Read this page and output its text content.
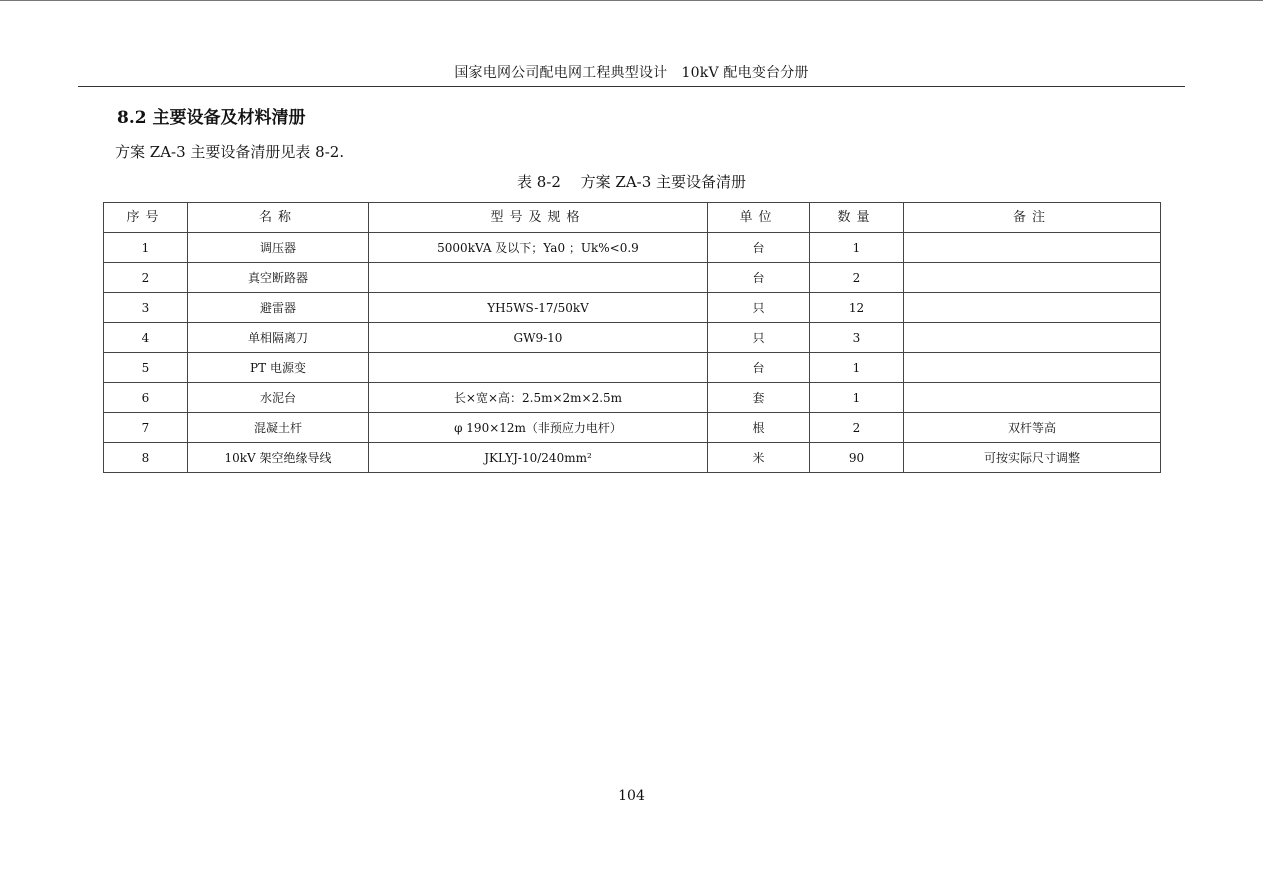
国家电网公司配电网工程典型设计　10kV 配电变台分册
8.2 主要设备及材料清册
方案 ZA-3 主要设备清册见表 8-2.
表 8-2　 方案 ZA-3 主要设备清册
序号	名称	型号及规格	单位	数量	备注
1	调压器	5000kVA 及以下；Ya0 ；Uk%<0.9	台	1	
2	真空断路器		台	2	
3	避雷器	YH5WS-17/50kV	只	12	
4	单相隔离刀	GW9-10	只	3	
5	PT 电源变		台	1	
6	水泥台	长×宽×高：2.5m×2m×2.5m	套	1	
7	混凝土杆	φ 190×12m（非预应力电杆）	根	2	双杆等高
8	10kV 架空绝缘导线	JKLYJ-10/240mm²	米	90	可按实际尺寸调整
104
